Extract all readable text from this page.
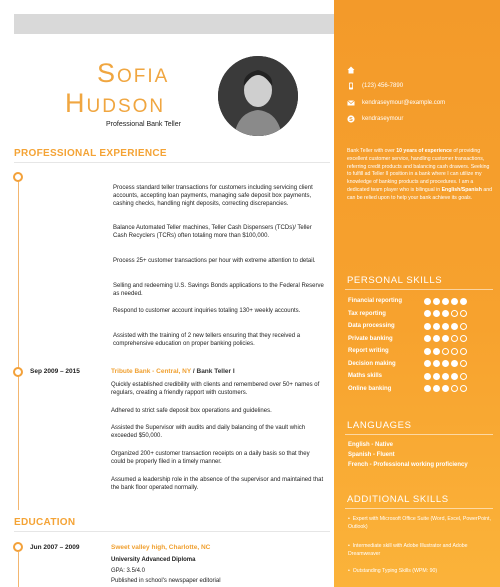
Sofia
Hudson
Professional Bank Teller
PROFESSIONAL EXPERIENCE
Process standard teller transactions for customers including servicing client accounts, accepting loan payments, managing safe deposit box payments, cashing checks, handling night deposits, correcting discrepancies.
Balance Automated Teller machines, Teller Cash Dispensers (TCDs)/ Teller Cash Recyclers (TCRs) often totaling more than $100,000.
Process 25+ customer transactions per hour with extreme attention to detail.
Selling and redeeming U.S. Savings Bonds applications to the Federal Reserve as needed.
Respond to customer account inquiries totaling 130+ weekly accounts.
Assisted with the training of 2 new tellers ensuring that they received a comprehensive education on proper banking policies.
Sep 2009 – 2015	Tribute Bank - Central, NY / Bank Teller I
Quickly established credibility with clients and remembered over 50+ names of regulars, creating a friendly rapport with customers.
Adhered to strict safe deposit box operations and guidelines.
Assisted the Supervisor with audits and daily balancing of the vault which exceeded $50,000.
Organized 200+ customer transaction receipts on a daily basis so that they could be properly filed in a timely manner.
Assumed a leadership role in the absence of the supervisor and maintained that the bank floor operated normally.
EDUCATION
Jun 2007 – 2009	Sweet valley high, Charlotte, NC
University Advanced Diploma
GPA: 3.5/4.0
Published in school's newspaper editorial
(123) 456-7890
kendraseymour@example.com
S kendraseymour
Bank Teller with over 10 years of experience of providing excellent customer service, handling customer transactions, referring credit products and balancing cash drawers. Seeking to fulfill ad Teller II position in a bank where I can utilize my knowledge of banking products and procedures. I am a dedicated team player who is bilingual in English/Spanish and can be relied upon to help your bank achieve its goals.
PERSONAL SKILLS
Financial reporting
Tax reporting
Data processing
Private banking
Report writing
Decision making
Maths skills
Online banking
LANGUAGES
English - Native
Spanish - Fluent
French - Professional working proficiency
ADDITIONAL SKILLS
•  Expert with Microsoft Office Suite (Word, Excel, PowerPoint, Outlook)
•  Intermediate skill with Adobe Illustrator and Adobe Dreamweaver
•  Outstanding Typing Skills (WPM: 90)
